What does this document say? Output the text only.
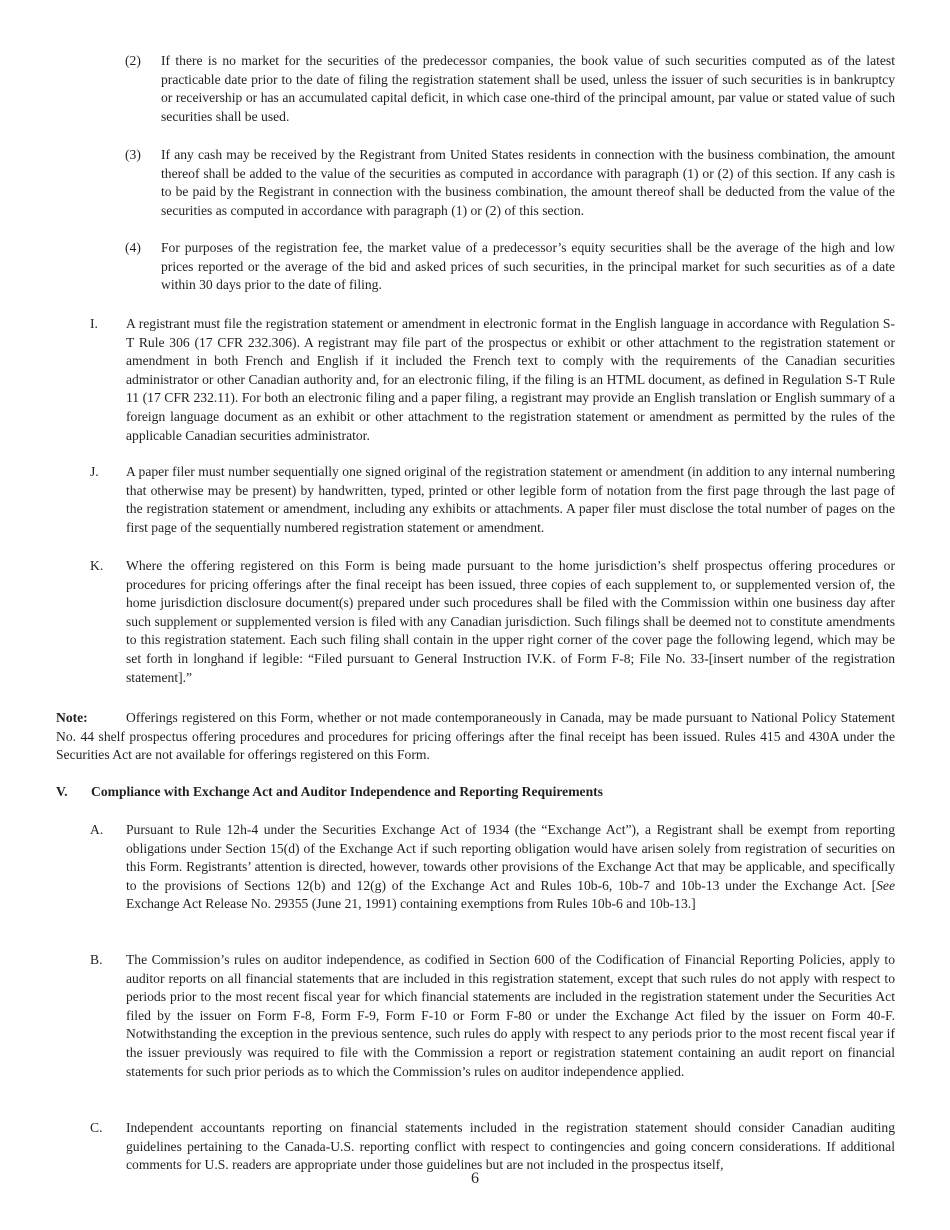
(2) If there is no market for the securities of the predecessor companies, the book value of such securities computed as of the latest practicable date prior to the date of filing the registration statement shall be used, unless the issuer of such securities is in bankruptcy or receivership or has an accumulated capital deficit, in which case one-third of the principal amount, par value or stated value of such securities shall be used.
(3) If any cash may be received by the Registrant from United States residents in connection with the business combination, the amount thereof shall be added to the value of the securities as computed in accordance with paragraph (1) or (2) of this section. If any cash is to be paid by the Registrant in connection with the business combination, the amount thereof shall be deducted from the value of the securities as computed in accordance with paragraph (1) or (2) of this section.
(4) For purposes of the registration fee, the market value of a predecessor’s equity securities shall be the average of the high and low prices reported or the average of the bid and asked prices of such securities, in the principal market for such securities as of a date within 30 days prior to the date of filing.
I. A registrant must file the registration statement or amendment in electronic format in the English language in accordance with Regulation S-T Rule 306 (17 CFR 232.306). A registrant may file part of the prospectus or exhibit or other attachment to the registration statement or amendment in both French and English if it included the French text to comply with the requirements of the Canadian securities administrator or other Canadian authority and, for an electronic filing, if the filing is an HTML document, as defined in Regulation S-T Rule 11 (17 CFR 232.11). For both an electronic filing and a paper filing, a registrant may provide an English translation or English summary of a foreign language document as an exhibit or other attachment to the registration statement or amendment as permitted by the rules of the applicable Canadian securities administrator.
J. A paper filer must number sequentially one signed original of the registration statement or amendment (in addition to any internal numbering that otherwise may be present) by handwritten, typed, printed or other legible form of notation from the first page through the last page of the registration statement or amendment, including any exhibits or attachments. A paper filer must disclose the total number of pages on the first page of the sequentially numbered registration statement or amendment.
K. Where the offering registered on this Form is being made pursuant to the home jurisdiction’s shelf prospectus offering procedures or procedures for pricing offerings after the final receipt has been issued, three copies of each supplement to, or supplemented version of, the home jurisdiction disclosure document(s) prepared under such procedures shall be filed with the Commission within one business day after such supplement or supplemented version is filed with any Canadian jurisdiction. Such filings shall be deemed not to constitute amendments to this registration statement. Each such filing shall contain in the upper right corner of the cover page the following legend, which may be set forth in longhand if legible: “Filed pursuant to General Instruction IV.K. of Form F-8; File No. 33-[insert number of the registration statement].”
Note:	Offerings registered on this Form, whether or not made contemporaneously in Canada, may be made pursuant to National Policy Statement No. 44 shelf prospectus offering procedures and procedures for pricing offerings after the final receipt has been issued. Rules 415 and 430A under the Securities Act are not available for offerings registered on this Form.
V. Compliance with Exchange Act and Auditor Independence and Reporting Requirements
A. Pursuant to Rule 12h-4 under the Securities Exchange Act of 1934 (the “Exchange Act”), a Registrant shall be exempt from reporting obligations under Section 15(d) of the Exchange Act if such reporting obligation would have arisen solely from registration of securities on this Form. Registrants’ attention is directed, however, towards other provisions of the Exchange Act that may be applicable, and specifically to the provisions of Sections 12(b) and 12(g) of the Exchange Act and Rules 10b-6, 10b-7 and 10b-13 under the Exchange Act. [See Exchange Act Release No. 29355 (June 21, 1991) containing exemptions from Rules 10b-6 and 10b-13.]
B. The Commission’s rules on auditor independence, as codified in Section 600 of the Codification of Financial Reporting Policies, apply to auditor reports on all financial statements that are included in this registration statement, except that such rules do not apply with respect to periods prior to the most recent fiscal year for which financial statements are included in the registration statement under the Securities Act filed by the issuer on Form F-8, Form F-9, Form F-10 or Form F-80 or under the Exchange Act filed by the issuer on Form 40-F. Notwithstanding the exception in the previous sentence, such rules do apply with respect to any periods prior to the most recent fiscal year if the issuer previously was required to file with the Commission a report or registration statement containing an audit report on financial statements for such prior periods as to which the Commission’s rules on auditor independence applied.
C. Independent accountants reporting on financial statements included in the registration statement should consider Canadian auditing guidelines pertaining to the Canada-U.S. reporting conflict with respect to contingencies and going concern considerations. If additional comments for U.S. readers are appropriate under those guidelines but are not included in the prospectus itself,
6
